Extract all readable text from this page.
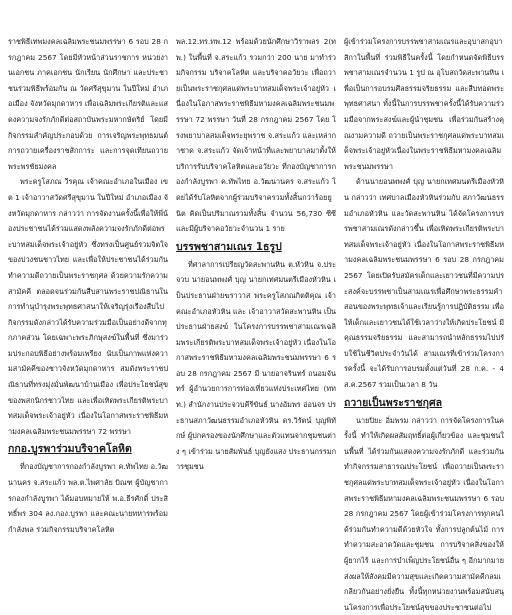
ราชพิธีเทพมงคลเฉลิมพระชนมพรรษา 6 รอบ 28 กรกฎาคม 2567 โดยมีหัวหน้าส่วนราชการ หน่วยงานเอกชน ภาคเอกชน นักเรียน นักศึกษา และประชาชนร่วมพิธีพร้อมกัน ณ วัดศรีสุขุมาน ในปีใหม่ อำเภอเมือง จังหวัดมุกดาหาร เพื่อเฉลิมพระเกียรติและแสดงความจงรักภักดีต่อสถาบันพระมหากษัตริย์ โดยมีกิจกรรมสำคัญประกอบด้วย การเจริญพระพุทธมนต์ การถวายเครื่องราชสักการะ และการจุดเทียนถวายพระพรชัยมงคล

พระครูโสภณ วีรคุณ เจ้าคณะอำเภอในเมือง เขต 1 เจ้าอาวาสวัดศรีสุขุมาน ในปีใหม่ อำเภอเมือง จังหวัดมุกดาหาร กล่าวว่า การจัดงานครั้งนี้เพื่อให้พี่น้องประชาชนได้ร่วมแสดงพลังความจงรักภักดีต่อพระบาทสมเด็จพระเจ้าอยู่หัว ซึ่งทรงเป็นศูนย์รวมจิตใจของปวงชนชาวไทย และเพื่อให้ประชาชนได้ร่วมกันทำความดีถวายเป็นพระราชกุศล ด้วยความรักความสามัคคี ตลอดจนร่วมกันสืบสานพระราชปณิธานในการทำนุบำรุงพระพุทธศาสนาให้เจริญรุ่งเรืองสืบไป กิจกรรมดังกล่าวได้รับความร่วมมือเป็นอย่างดีจากทุกภาคส่วน โดยเฉพาะพระภิกษุสงฆ์ในพื้นที่ ซึ่งมาร่วมประกอบพิธีอย่างพร้อมเพรียง นับเป็นภาพแห่งความสามัคคีของชาวจังหวัดมุกดาหาร สมดังพระราชปณิธานที่ทรงมุ่งมั่นพัฒนาบ้านเมือง เพื่อประโยชน์สุขของพสกนิกรชาวไทย และเพื่อเทิดพระเกียรติพระบาทสมเด็จพระเจ้าอยู่หัว เนื่องในโอกาสพระราชพิธีมหามงคลเฉลิมพระชนมพรรษา 72 พรรษา

กกอ.บูรพาร่วมบริจาคโลหิต

ที่กองบัญชาการกองกำลังบูรพา ค.ทัพไทย อ.วัฒนานคร จ.สระแก้ว พล.ต.ไพศาลัย บิณฑ ผู้บัญชาการกองกำลังบูรพา ได้มอบหมายให้ พ.อ.ธีรศักดิ์ ประสิทธิ์พร 304 ลง.กอง.บูรพา และคณะนายทหารพร้อมกำลังพล ร่วมกิจกรรมบริจาคโลหิต

พล.12.ทร.ทพ.12 พร้อมด้วยนักศึกษาวิราพลร 2(ทพ.) ในพื้นที่ จ.สระแก้ว รวมกว่า 200 นาย มาทำร่วมกิจกรรม บริจาคโลหิต และบริจาคอวัยวะ เพื่อถวายเป็นพระราชกุศลแด่พระบาทสมเด็จพระเจ้าอยู่หัว เนื่องในโอกาสพระราชพิธีมหามงคลเฉลิมพระชนมพรรษา 72 พรรษา วันที่ 28 กรกฎาคม 2567 โดย โรงพยาบาลสมเด็จพระยุพราช จ.สระแก้ว และเหล่ากาชาด จ.สระแก้ว จัดเจ้าหน้าที่และพยาบาลมาตั้งให้บริการรับบริจาคโลหิตและอวัยวะ ที่กองบัญชาการกองกำลังบูรพา ค.ทัพไทย อ.วัฒนานคร จ.สระแก้ว โดยได้รับโลหิตจากผู้ร่วมบริจาครวมทั้งสิ้นกว่าร้อยยูนิต คิดเป็นปริมาณรวมทั้งสิ้น จำนวน 56,730 ซีซี และมีผู้บริจาคอวัยวะจำนวน 1 ราย

บรรพชาสามเณร 1ธรูป

ที่ศาลาการเปรียญวัดสะพานหิน ต.หัวหิน จ.ประจวบ นายอนพพงศ์ บุญ นายกเทศมนตรีเมืองหัวหิน เป็นประธานฝ่ายฆราวาส พระครูโสภณกิตติคุณ เจ้าคณะอำเภอหัวหิน และ เจ้าอาวาสวัดสะพานหิน เป็นประธานฝ่ายสงฆ์ ในโครงการบรรพชาสามเณรเฉลิมพระเกียรติพระบาทสมเด็จพระเจ้าอยู่หัว เนื่องในโอกาสพระราชพิธีมหามงคลเฉลิมพระชนมพรรษา 6 รอบ 28 กรกฎาคม 2567 มี นายอาจรินทร์ ถนอมจันทร์ ผู้อำนวยการการท่องเที่ยวแห่งประเทศไทย (ททท.) สำนักงานประจวบคีรีขันธ์ นางอัมพร อ่อนจร ประธานสภาวัฒนธรรมอำเภอหัวหิน ดร.วิรัตน์ บุญพิทักษ์ ผู้ปกครองของนักศึกษาและตัวแทนจากชุมชนต่าง ๆ เข้าร่วม นายสัมพันธ์ บุญยังแสง ประธานกรรมการชุมชน

ผู้เข้าร่วมโครงการบรรพชาสามเณรและอุบาสกอุบาสิกาในพื้นที่ ร่วมพิธีในครั้งนี้ โดยกำหนดจัดพิธีบรรพชาสามเณรจำนวน 1 รูป ณ อุโบสถวัดสะพานหิน เพื่อเป็นการอบรมศีลธรรมจริยธรรม และสืบทอดพระพุทธศาสนา ทั้งนี้ในการบรรพชาครั้งนี้ได้รับความร่วมมือจากพระสงฆ์และผู้นำชุมชน เพื่อร่วมกันสร้างคุณงามความดี ถวายเป็นพระราชกุศลแด่พระบาทสมเด็จพระเจ้าอยู่หัวเนื่องในพระราชพิธีมหามงคลเฉลิมพระชนมพรรษา

ด้านนายอนพพงศ์ บุญ นายกเทศมนตรีเมืองหัวหิน กล่าวว่า เทศบาลเมืองหัวหินร่วมกับ สภาวัฒนธรรมอำเภอหัวหิน และวัดสะพานหิน ได้จัดโครงการบรรพชาสามเณรดังกล่าวขึ้น เพื่อเทิดพระเกียรติพระบาทสมเด็จพระเจ้าอยู่หัว เนื่องในโอกาสพระราชพิธีมหามงคลเฉลิมพระชนมพรรษา 6 รอบ 28 กรกฎาคม 2567 โดยเปิดรับสมัครเด็กและเยาวชนที่มีความประสงค์จะบรรพชาเป็นสามเณรเพื่อศึกษาพระธรรมคำสอนของพระพุทธเจ้าและเรียนรู้การปฏิบัติธรรม เพื่อให้เด็กและเยาวชนได้ใช้เวลาว่างให้เกิดประโยชน์ มีคุณธรรมจริยธรรม และสามารถนำหลักธรรมไปปรับใช้ในชีวิตประจำวันได้ สามเณรที่เข้าร่วมโครงการครั้งนี้ จะได้รับการอบรมตั้งแต่วันที่ 28 ก.ค. - 4 ส.ค.2567 รวมเป็นเวลา 8 วัน

ถวายเป็นพระราชกุศล

นายปิยะ อิ่มพรม กล่าวว่า การจัดโครงการในครั้งนี้ ทำให้เกิดผลสัมฤทธิ์ต่อผู้เกี่ยวข้อง และชุมชนในพื้นที่ ได้ร่วมกันแสดงความจงรักภักดี และร่วมกันทำกิจกรรมสาธารณประโยชน์ เพื่อถวายเป็นพระราชกุศลแด่พระบาทสมเด็จพระเจ้าอยู่หัว เนื่องในโอกาสพระราชพิธีมหามงคลเฉลิมพระชนมพรรษา 6 รอบ 28 กรกฎาคม 2567 โดยผู้เข้าร่วมโครงการทุกคนได้ร่วมกันทำความดีด้วยหัวใจ ทั้งการปลูกต้นไม้ การทำความสะอาดวัดและชุมชน การบริจาคสิ่งของให้ผู้ยากไร้ และการบำเพ็ญประโยชน์อื่น ๆ อีกมากมาย ส่งผลให้สังคมมีความสุขและเกิดความสามัคคีกลมเกลียวกันอย่างยั่งยืน ทั้งนี้ทุกหน่วยงานพร้อมสนับสนุนโครงการเพื่อประโยชน์สุขของประชาชนต่อไป
